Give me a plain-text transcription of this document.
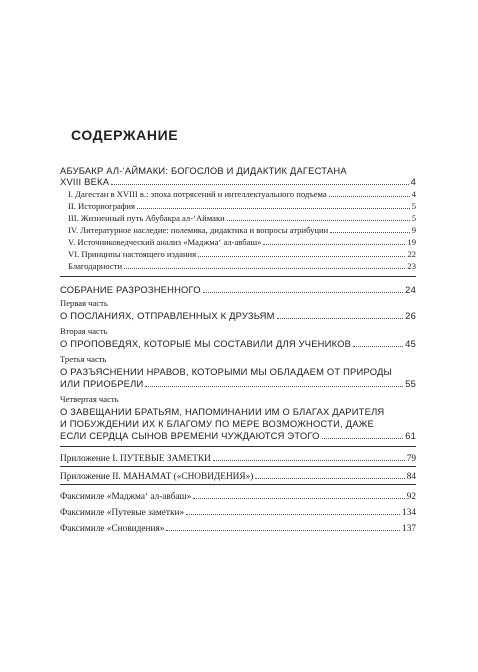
СОДЕРЖАНИЕ
АБУБАКР АЛ-‘АЙМАКИ: БОГОСЛОВ И ДИДАКТИК ДАГЕСТАНА
XVIII ВЕКА	4
I. Дагестан в XVIII в.: эпоха потрясений и интеллектуального подъема	4
II. Историография	5
III. Жизненный путь Абубакра ал-‘Аймаки	5
IV. Литературное наследие: полемика, дидактика и вопросы атрибуции	9
V. Источниковедческий анализ «Маджма‘ ал-авбаш»	19
VI. Принципы настоящего издания	22
Благодарности	23
СОБРАНИЕ РАЗРОЗНЕННОГО	24
Первая часть
О ПОСЛАНИЯХ, ОТПРАВЛЕННЫХ К ДРУЗЬЯМ	26
Вторая часть
О ПРОПОВЕДЯХ, КОТОРЫЕ МЫ СОСТАВИЛИ ДЛЯ УЧЕНИКОВ	45
Третья часть
О РАЗЪЯСНЕНИИ НРАВОВ, КОТОРЫМИ МЫ ОБЛАДАЕМ ОТ ПРИРОДЫ
ИЛИ ПРИОБРЕЛИ	55
Четвертая часть
О ЗАВЕЩАНИИ БРАТЬЯМ, НАПОМИНАНИИ ИМ О БЛАГАХ ДАРИТЕЛЯ
И ПОБУЖДЕНИИ ИХ К БЛАГОМУ ПО МЕРЕ ВОЗМОЖНОСТИ, ДАЖЕ
ЕСЛИ СЕРДЦА СЫНОВ ВРЕМЕНИ ЧУЖДАЮТСЯ ЭТОГО	61
Приложение I. ПУТЕВЫЕ ЗАМЕТКИ	79
Приложение II. МАНАМАТ («СНОВИДЕНИЯ»)	84
Факсимиле «Маджма‘ ал-авбаш»	92
Факсимиле «Путевые заметки»	134
Факсимиле «Сновидения»	137
